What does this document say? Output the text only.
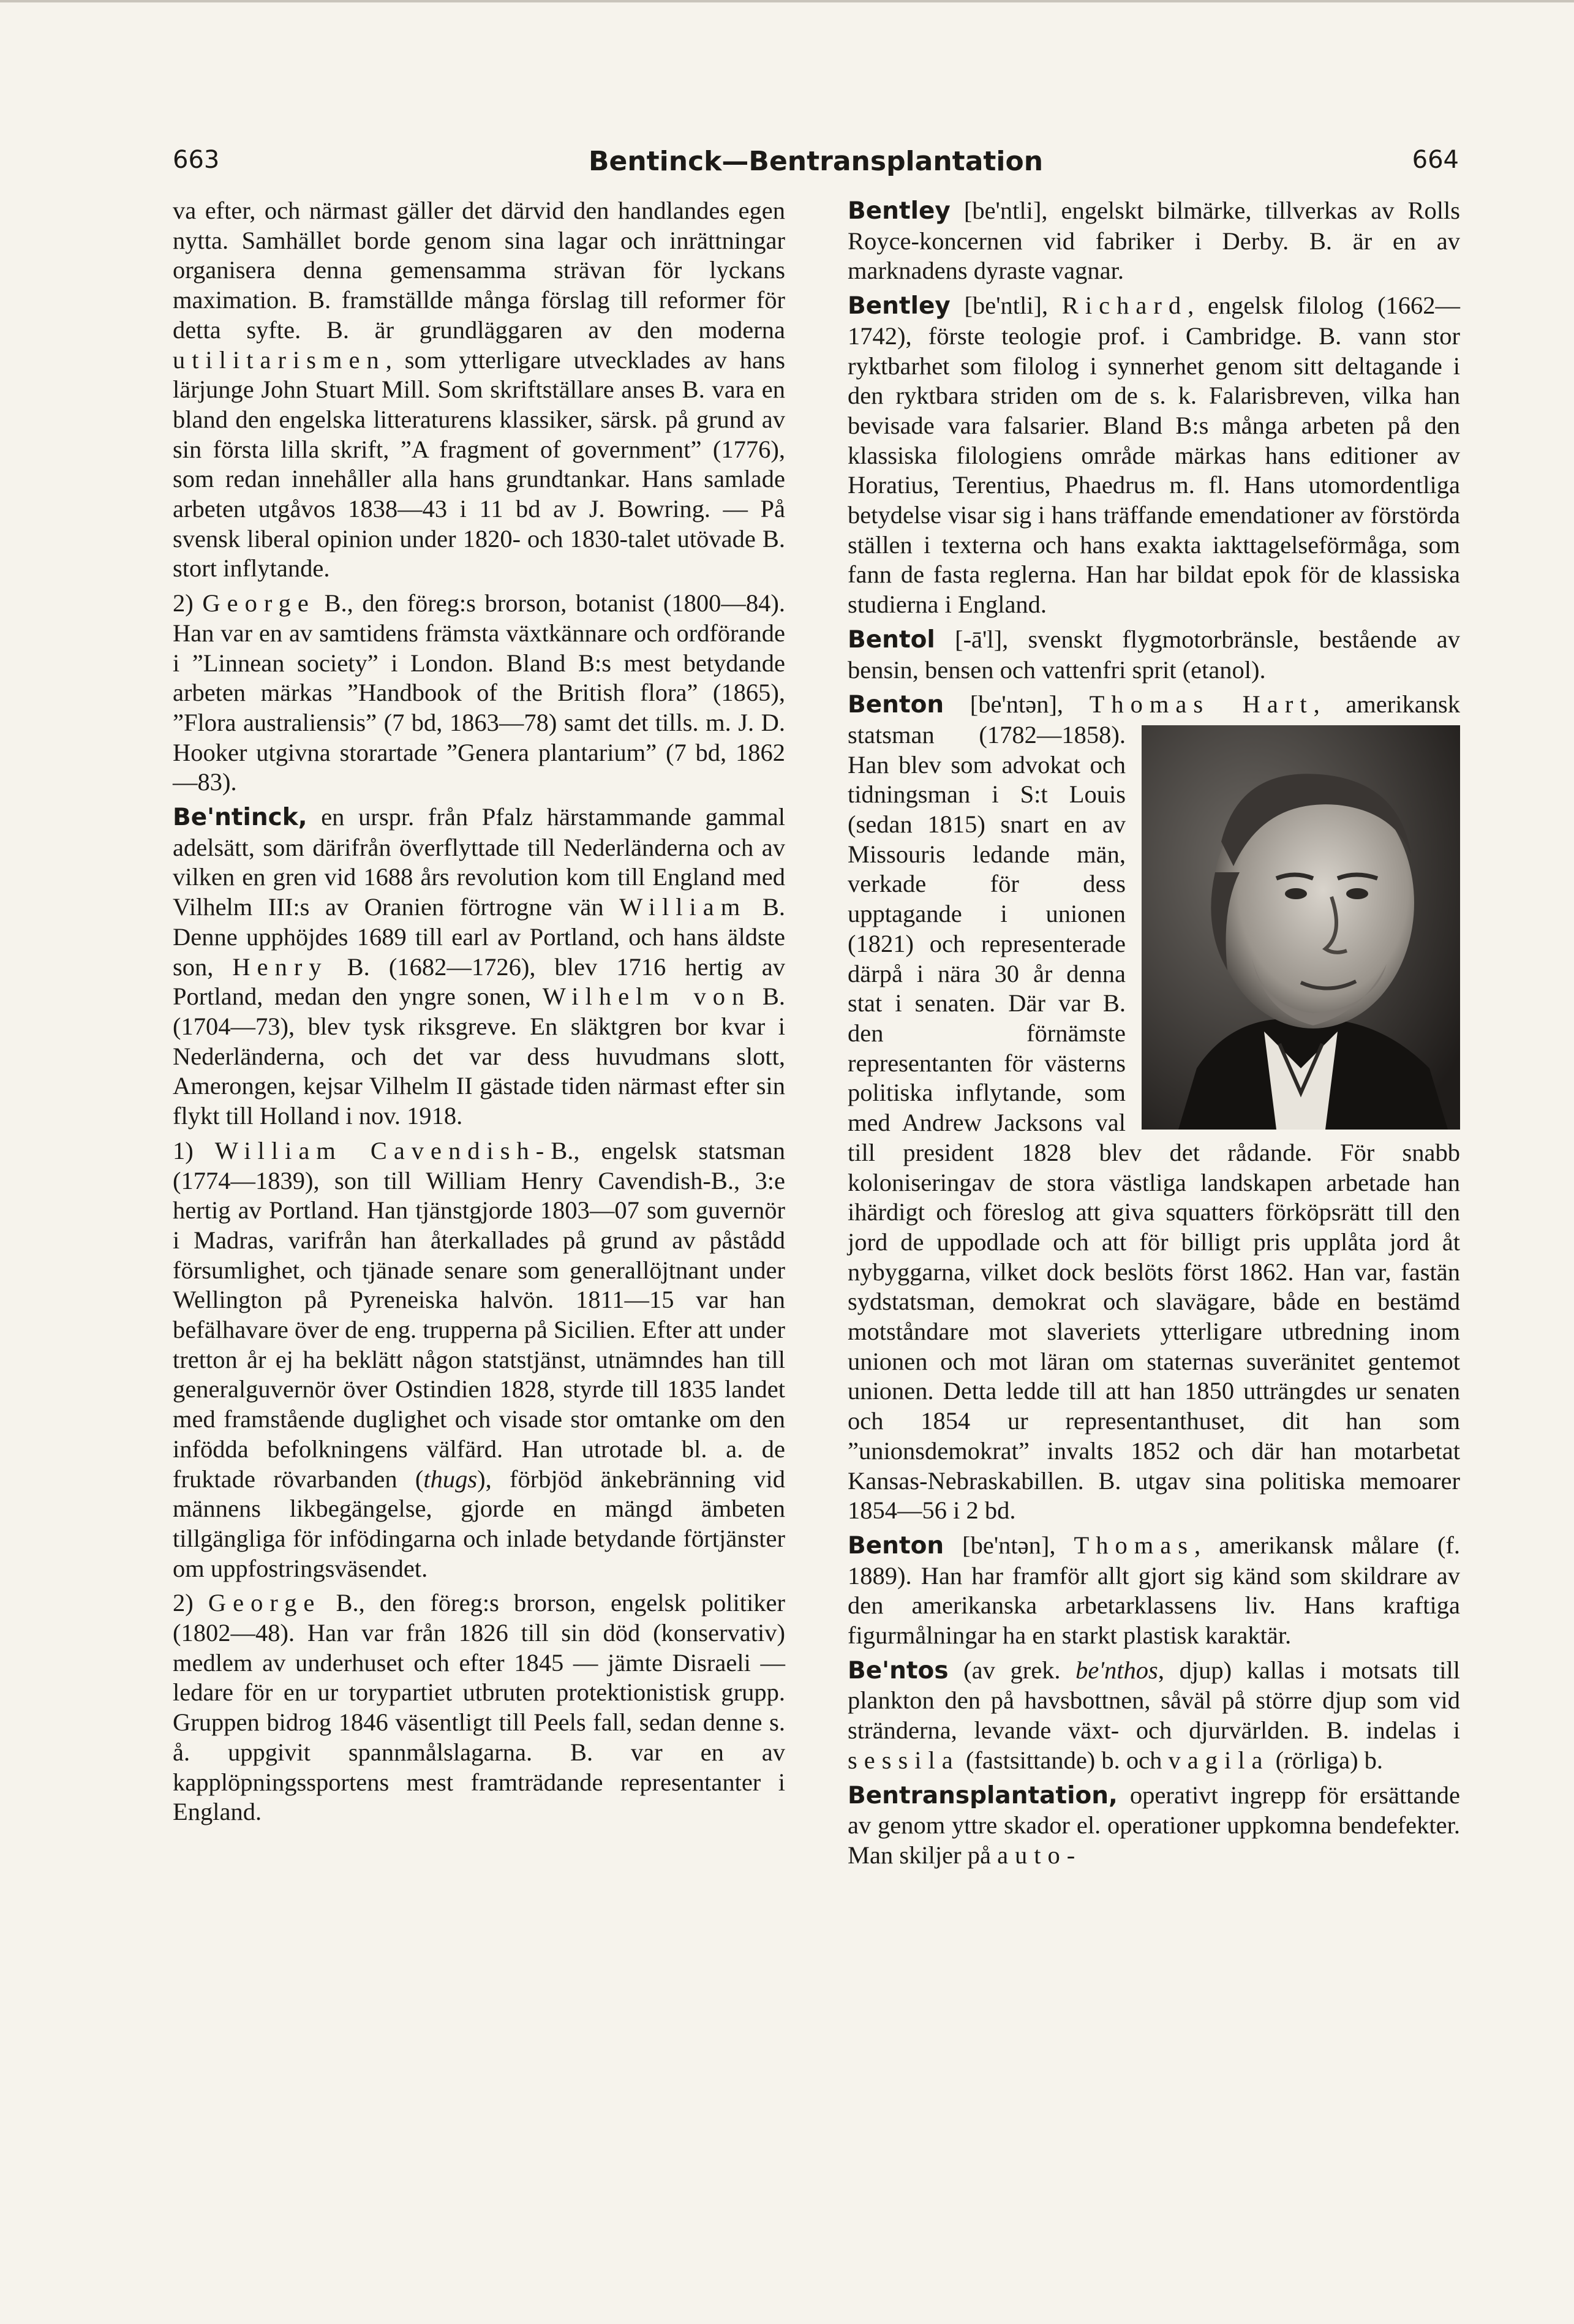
663	Bentinck—Bentransplantation	664

va efter, och närmast gäller det därvid den handlandes egen nytta. Samhället borde genom sina lagar och inrättningar organisera denna gemensamma strävan för lyckans maximation. B. framställde många förslag till reformer för detta syfte. B. är grundläggaren av den moderna utilitarismen, som ytterligare utvecklades av hans lärjunge John Stuart Mill. Som skriftställare anses B. vara en bland den engelska litteraturens klassiker, särsk. på grund av sin första lilla skrift, ”A fragment of government” (1776), som redan innehåller alla hans grundtankar. Hans samlade arbeten utgåvos 1838—43 i 11 bd av J. Bowring. — På svensk liberal opinion under 1820- och 1830-talet utövade B. stort inflytande.

2) George B., den föreg:s brorson, botanist (1800—84). Han var en av samtidens främsta växtkännare och ordförande i ”Linnean society” i London. Bland B:s mest betydande arbeten märkas ”Handbook of the British flora” (1865), ”Flora australiensis” (7 bd, 1863—78) samt det tills. m. J. D. Hooker utgivna storartade ”Genera plantarium” (7 bd, 1862—83).

Be'ntinck, en urspr. från Pfalz härstammande gammal adelsätt, som därifrån överflyttade till Nederländerna och av vilken en gren vid 1688 års revolution kom till England med Vilhelm III:s av Oranien förtrogne vän William B. Denne upphöjdes 1689 till earl av Portland, och hans äldste son, Henry B. (1682—1726), blev 1716 hertig av Portland, medan den yngre sonen, Wilhelm von B. (1704—73), blev tysk riksgreve. En släktgren bor kvar i Nederländerna, och det var dess huvudmans slott, Amerongen, kejsar Vilhelm II gästade tiden närmast efter sin flykt till Holland i nov. 1918.

1) William Cavendish-B., engelsk statsman (1774—1839), son till William Henry Cavendish-B., 3:e hertig av Portland. Han tjänstgjorde 1803—07 som guvernör i Madras, varifrån han återkallades på grund av påstådd försumlighet, och tjänade senare som generallöjtnant under Wellington på Pyreneiska halvön. 1811—15 var han befälhavare över de eng. trupperna på Sicilien. Efter att under tretton år ej ha beklätt någon statstjänst, utnämndes han till generalguvernör över Ostindien 1828, styrde till 1835 landet med framstående duglighet och visade stor omtanke om den infödda befolkningens välfärd. Han utrotade bl. a. de fruktade rövarbanden (thugs), förbjöd änkebränning vid männens likbegängelse, gjorde en mängd ämbeten tillgängliga för infödingarna och inlade betydande förtjänster om uppfostringsväsendet.

2) George B., den föreg:s brorson, engelsk politiker (1802—48). Han var från 1826 till sin död (konservativ) medlem av underhuset och efter 1845 — jämte Disraeli — ledare för en ur torypartiet utbruten protektionistisk grupp. Gruppen bidrog 1846 väsentligt till Peels fall, sedan denne s. å. uppgivit spannmålslagarna. B. var en av kapplöpningssportens mest framträdande representanter i England.

Bentley [be'ntli], engelskt bilmärke, tillverkas av Rolls Royce-koncernen vid fabriker i Derby. B. är en av marknadens dyraste vagnar.

Bentley [be'ntli], Richard, engelsk filolog (1662—1742), förste teologie prof. i Cambridge. B. vann stor ryktbarhet som filolog i synnerhet genom sitt deltagande i den ryktbara striden om de s. k. Falarisbreven, vilka han bevisade vara falsarier. Bland B:s många arbeten på den klassiska filologiens område märkas hans editioner av Horatius, Terentius, Phaedrus m. fl. Hans utomordentliga betydelse visar sig i hans träffande emendationer av förstörda ställen i texterna och hans exakta iakttagelseförmåga, som fann de fasta reglerna. Han har bildat epok för de klassiska studierna i England.

Bentol [-ā'l], svenskt flygmotorbränsle, bestående av bensin, bensen och vattenfri sprit (etanol).

Benton [be'ntən], Thomas Hart
, amerikansk statsman (1782—1858). Han blev som advokat och tidningsman i S:t Louis (sedan 1815) snart en av Missouris ledande män, verkade för dess upptagande i unionen (1821) och representerade därpå i nära 30 år denna stat i senaten. Där var B. den förnämste representanten för västerns politiska inflytande, som med Andrew Jacksons val till president 1828 blev det rådande. För snabb koloniseringav de stora västliga landskapen arbetade han ihärdigt och föreslog att giva squatters förköpsrätt till den jord de uppodlade och att för billigt pris upplåta jord åt nybyggarna, vilket dock beslöts först 1862. Han var, fastän sydstatsman, demokrat och slavägare, både en bestämd motståndare mot slaveriets ytterligare utbredning inom unionen och mot läran om staternas suveränitet gentemot unionen. Detta ledde till att han 1850 utträngdes ur senaten och 1854 ur representanthuset, dit han som ”unionsdemokrat” invalts 1852 och där han motarbetat Kansas-Nebraskabillen. B. utgav sina politiska memoarer 1854—56 i 2 bd.

Benton [be'ntən], Thomas, amerikansk målare (f. 1889). Han har framför allt gjort sig känd som skildrare av den amerikanska arbetarklassens liv. Hans kraftiga figurmålningar ha en starkt plastisk karaktär.

Be'ntos (av grek. be'nthos, djup) kallas i motsats till plankton den på havsbottnen, såväl på större djup som vid stränderna, levande växt- och djurvärlden. B. indelas i sessila (fastsittande) b. och vagila (rörliga) b.

Bentransplantation, operativt ingrepp för ersättande av genom yttre skador el. operationer uppkomna bendefekter. Man skiljer på auto-
